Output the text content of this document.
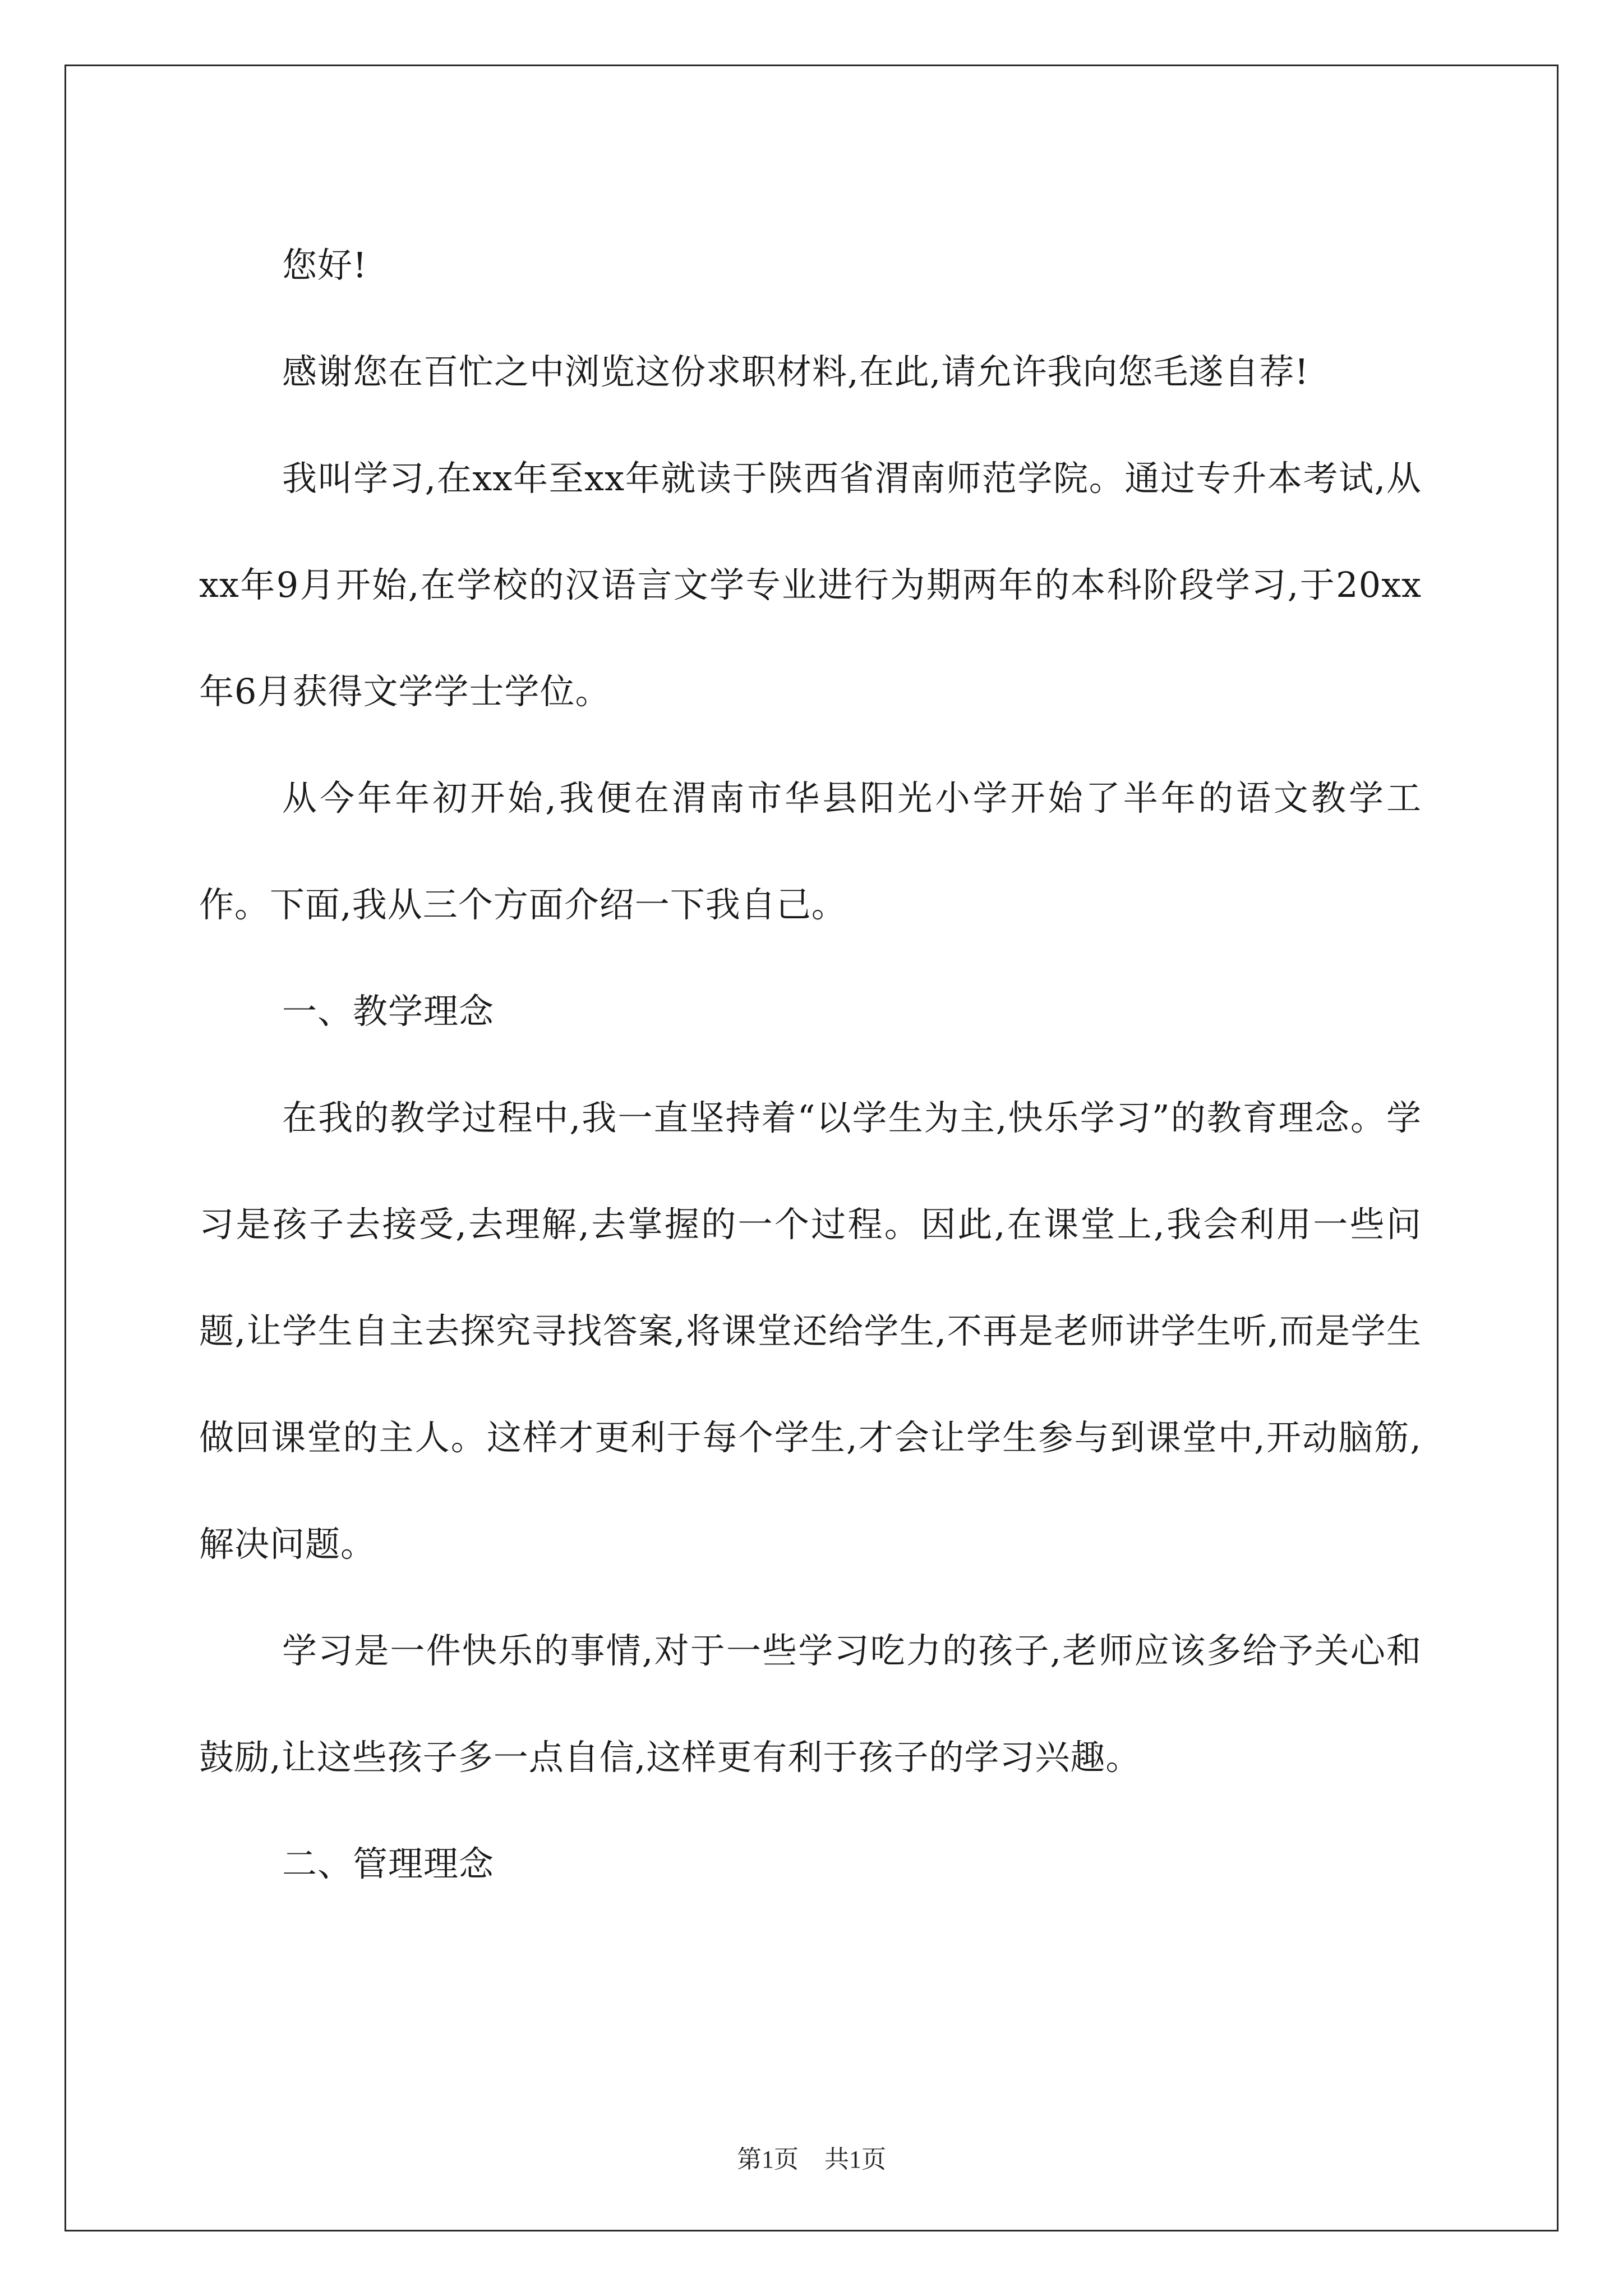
您好!

感谢您在百忙之中浏览这份求职材料,在此,请允许我向您毛遂自荐!

我叫学习,在xx年至xx年就读于陕西省渭南师范学院。通过专升本考试,从xx年9月开始,在学校的汉语言文学专业进行为期两年的本科阶段学习,于20xx年6月获得文学学士学位。

从今年年初开始,我便在渭南市华县阳光小学开始了半年的语文教学工作。下面,我从三个方面介绍一下我自己。

一、教学理念

在我的教学过程中,我一直坚持着“以学生为主,快乐学习”的教育理念。学习是孩子去接受,去理解,去掌握的一个过程。因此,在课堂上,我会利用一些问题,让学生自主去探究寻找答案,将课堂还给学生,不再是老师讲学生听,而是学生做回课堂的主人。这样才更利于每个学生,才会让学生参与到课堂中,开动脑筋,解决问题。

学习是一件快乐的事情,对于一些学习吃力的孩子,老师应该多给予关心和鼓励,让这些孩子多一点自信,这样更有利于孩子的学习兴趣。

二、管理理念

第1页 共1页
